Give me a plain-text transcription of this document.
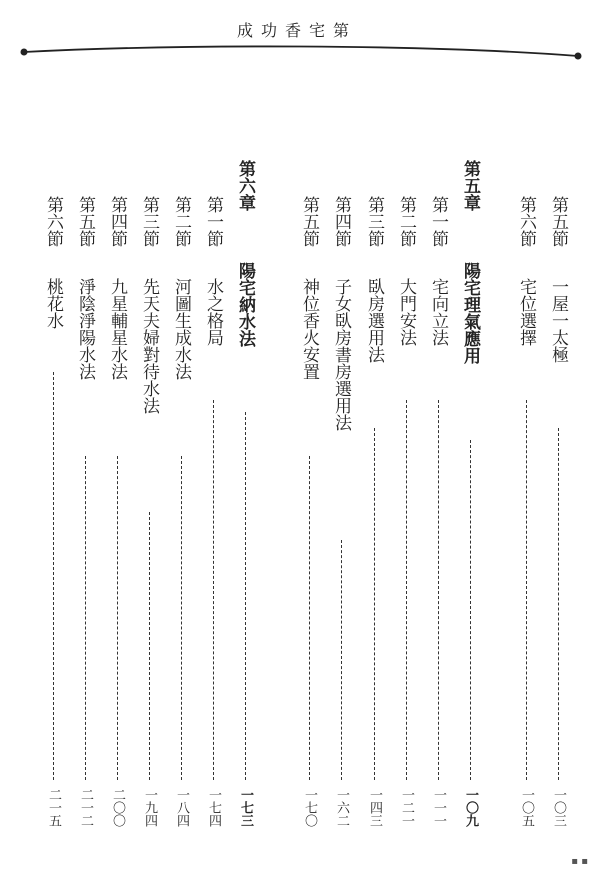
成功香宅第
第五節
一屋一太極
一〇三
第六節
宅位選擇
一〇五
第五章
陽宅理氣應用
一〇九
第一節
宅向立法
一一一
第二節
大門安法
一二一
第三節
臥房選用法
一四三
第四節
子女臥房書房選用法
一六二
第五節
神位香火安置
一七〇
第六章
陽宅納水法
一七三
第一節
水之格局
一七四
第二節
河圖生成水法
一八四
第三節
先天夫婦對待水法
一九四
第四節
九星輔星水法
二〇〇
第五節
淨陰淨陽水法
二一二
第六節
桃花水
二一五
▪ ▪
